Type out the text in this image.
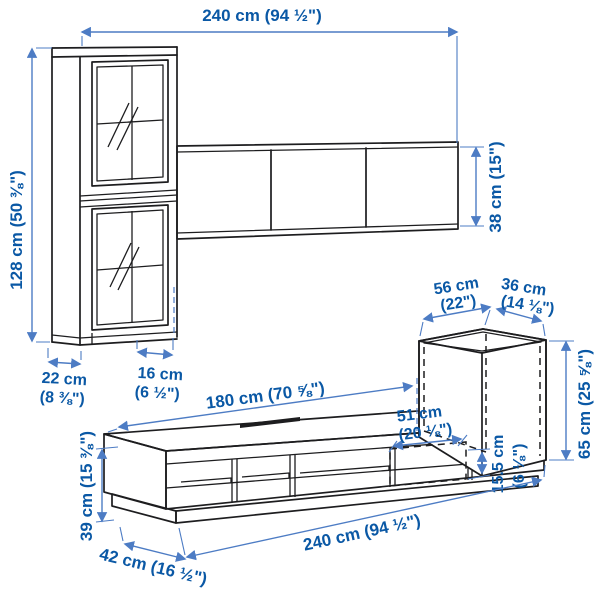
240 cm (94 ½")
128 cm (50 ⅜")	38 cm (15")
22 cm
(8 ⅜")
16 cm
(6 ½")
56 cm
(22")
36 cm
(14 ⅛")
65 cm (25 ⅝")
180 cm (70 ⅝")
51 cm
(20 ⅛")
15.5 cm (6 ⅛")
39 cm (15 ⅜")
42 cm (16 ½")
240 cm (94 ½")
